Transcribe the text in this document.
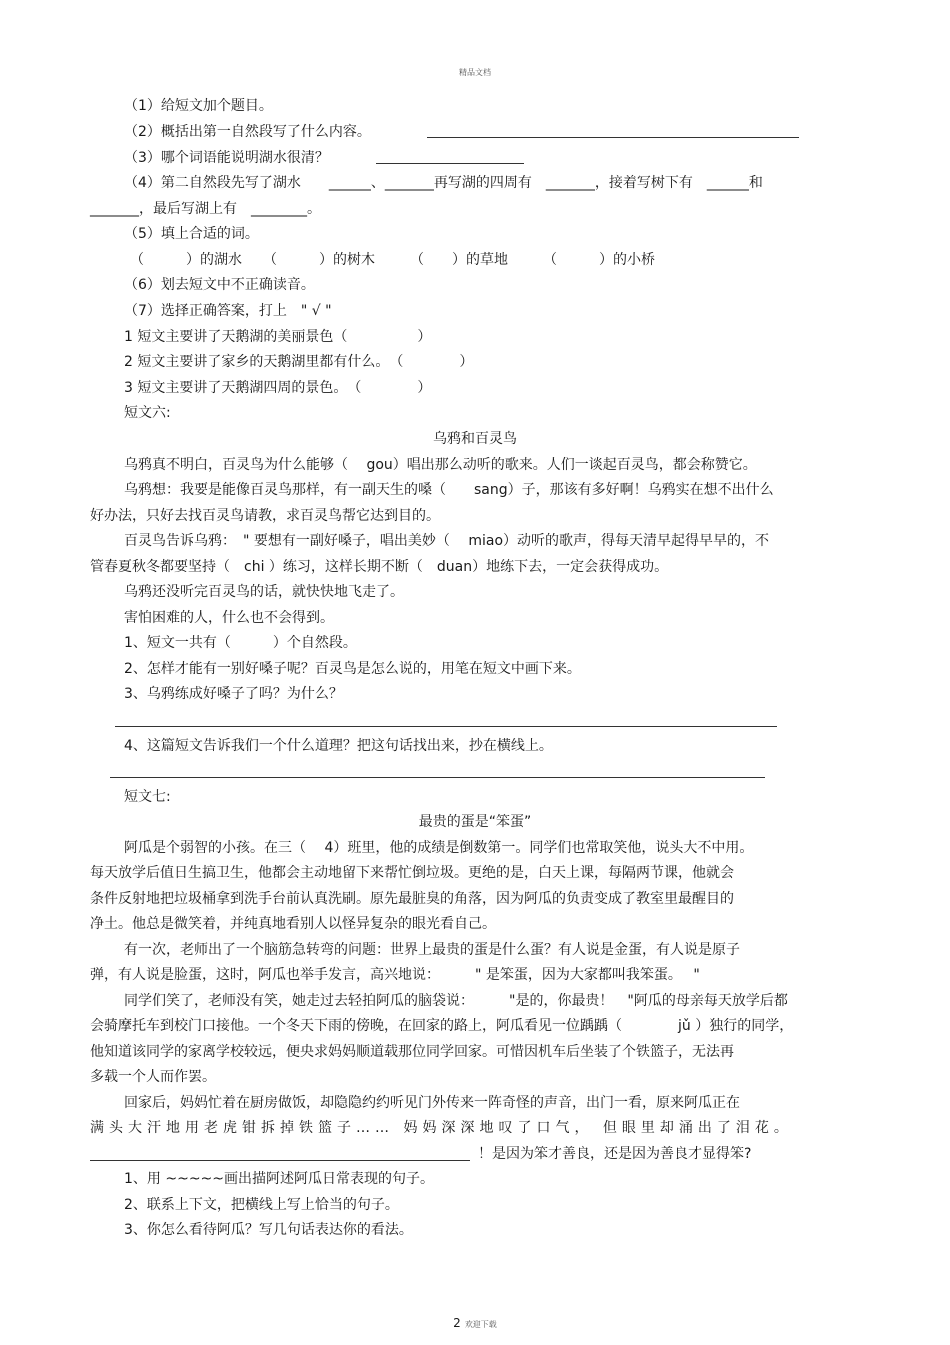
精品文档
（1）给短文加个题目。
（2）概括出第一自然段写了什么内容。
（3）哪个词语能说明湖水很清？
（4）第二自然段先写了湖水　　______、_______再写湖的四周有　_______，接着写树下有　______和
_______，最后写湖上有　________。
（5）填上合适的词。
（　　　）的湖水　　（　　　）的树木　　　（　　）的草地　　　（　　　）的小桥
（6）划去短文中不正确读音。
（7）选择正确答案，打上　" √ "
1 短文主要讲了天鹅湖的美丽景色（　　　　　）
2 短文主要讲了家乡的天鹅湖里都有什么。　（　　　　）
3 短文主要讲了天鹅湖四周的景色。　（　　　　）
短文六:
乌鸦和百灵鸟
乌鸦真不明白，百灵鸟为什么能够（　 gou）唱出那么动听的歌来。人们一谈起百灵鸟，都会称赞它。
乌鸦想：我要是能像百灵鸟那样，有一副天生的嗓（　　sang）子，那该有多好啊！乌鸦实在想不出什么
好办法，只好去找百灵鸟请教，求百灵鸟帮它达到目的。
百灵鸟告诉乌鸦：　" 要想有一副好嗓子，唱出美妙（　 miao）动听的歌声，得每天清早起得早早的，不
管春夏秋冬都要坚持（　chi ）练习，这样长期不断（　duan）地练下去，一定会获得成功。
乌鸦还没听完百灵鸟的话，就快快地飞走了。
害怕困难的人，什么也不会得到。
1、短文一共有（　　　）个自然段。
2、怎样才能有一别好嗓子呢？百灵鸟是怎么说的，用笔在短文中画下来。
3、乌鸦练成好嗓子了吗？为什么？
4、这篇短文告诉我们一个什么道理？把这句话找出来，抄在横线上。
短文七:
最贵的蛋是“笨蛋”
阿瓜是个弱智的小孩。在三（　 4）班里，他的成绩是倒数第一。同学们也常取笑他，说头大不中用。
每天放学后值日生搞卫生，他都会主动地留下来帮忙倒垃圾。更绝的是，白天上课，每隔两节课，他就会
条件反射地把垃圾桶拿到洗手台前认真洗刷。原先最脏臭的角落，因为阿瓜的负责变成了教室里最醒目的
净土。他总是微笑着，并纯真地看别人以怪异复杂的眼光看自己。
有一次，老师出了一个脑筋急转弯的问题：世界上最贵的蛋是什么蛋？有人说是金蛋，有人说是原子
弹，有人说是脸蛋，这时，阿瓜也举手发言，高兴地说：　　　" 是笨蛋，因为大家都叫我笨蛋。　 "
同学们笑了，老师没有笑，她走过去轻拍阿瓜的脑袋说：　　　"是的，你最贵！　"阿瓜的母亲每天放学后都
会骑摩托车到校门口接他。一个冬天下雨的傍晚，在回家的路上，阿瓜看见一位踽踽（　　　　jǔ ）独行的同学，
他知道该同学的家离学校较远，便央求妈妈顺道载那位同学回家。可惜因机车后坐装了个铁篮子，无法再
多载一个人而作罢。
回家后，妈妈忙着在厨房做饭，却隐隐约约听见门外传来一阵奇怪的声音，出门一看，原来阿瓜正在
满头大汗地用老虎钳拆掉铁篮子…… 妈妈深深地叹了口气， 但眼里却涌出了泪花。
！是因为笨才善良，还是因为善良才显得笨?
1、用 ~~~~~画出描阿述阿瓜日常表现的句子。
2、联系上下文，把横线上写上恰当的句子。
3、你怎么看待阿瓜？写几句话表达你的看法。
2 欢迎下载
